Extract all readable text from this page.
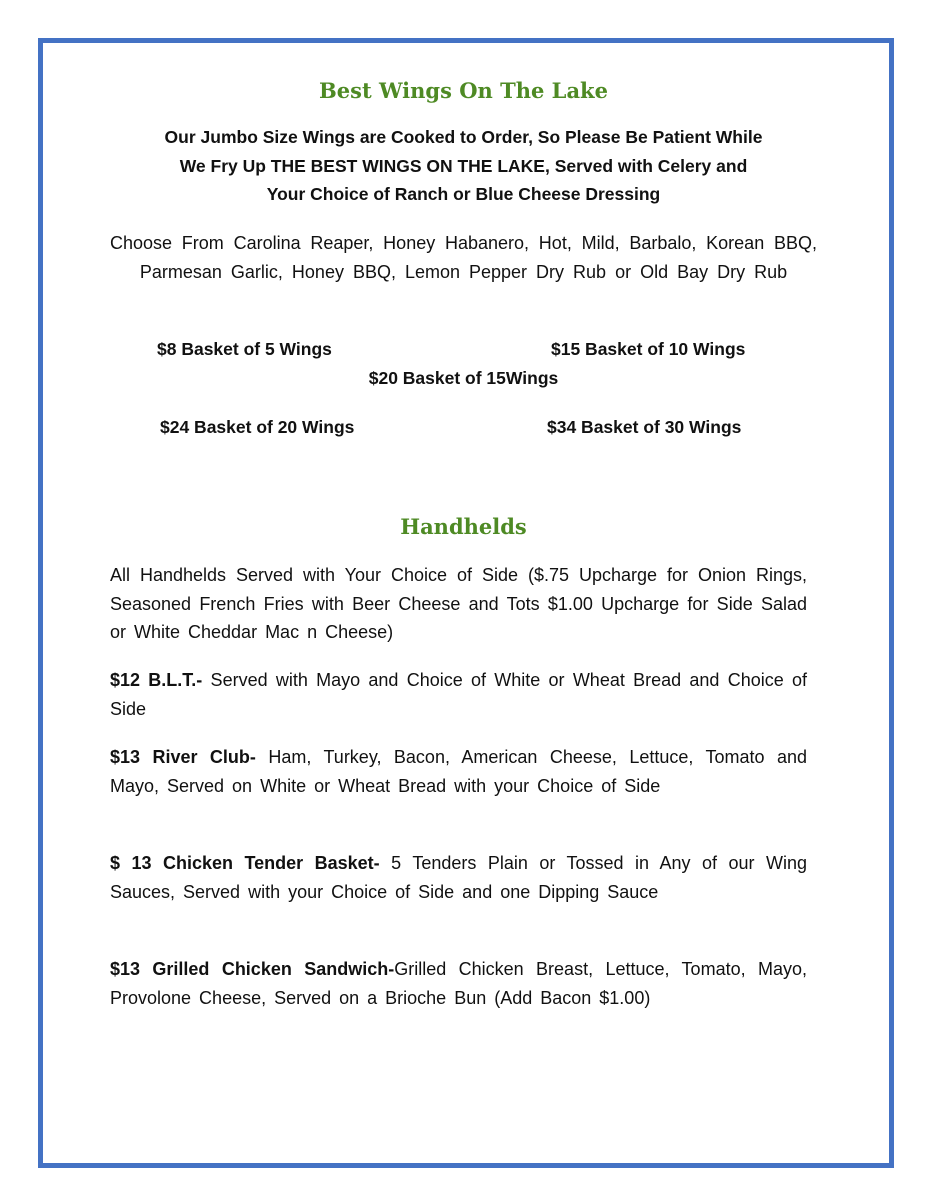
Best Wings On The Lake
Our Jumbo Size Wings are Cooked to Order, So Please Be Patient While
We Fry Up THE BEST WINGS ON THE LAKE, Served with Celery and
Your Choice of Ranch or Blue Cheese Dressing

Choose From Carolina Reaper, Honey Habanero, Hot, Mild, Barbalo, Korean BBQ, Parmesan Garlic, Honey BBQ, Lemon Pepper Dry Rub or Old Bay Dry Rub

$8 Basket of 5 Wings	$15 Basket of 10 Wings
$20 Basket of 15Wings
$24 Basket of 20 Wings	$34 Basket of 30 Wings
Handhelds

All Handhelds Served with Your Choice of Side ($.75 Upcharge for Onion Rings, Seasoned French Fries with Beer Cheese and Tots $1.00 Upcharge for Side Salad or White Cheddar Mac n Cheese)

$12 B.L.T.- Served with Mayo and Choice of White or Wheat Bread and Choice of Side

$13 River Club- Ham, Turkey, Bacon, American Cheese, Lettuce, Tomato and Mayo, Served on White or Wheat Bread with your Choice of Side

$ 13 Chicken Tender Basket- 5 Tenders Plain or Tossed in Any of our Wing Sauces, Served with your Choice of Side and one Dipping Sauce

$13 Grilled Chicken Sandwich-Grilled Chicken Breast, Lettuce, Tomato, Mayo, Provolone Cheese, Served on a Brioche Bun (Add Bacon $1.00)
